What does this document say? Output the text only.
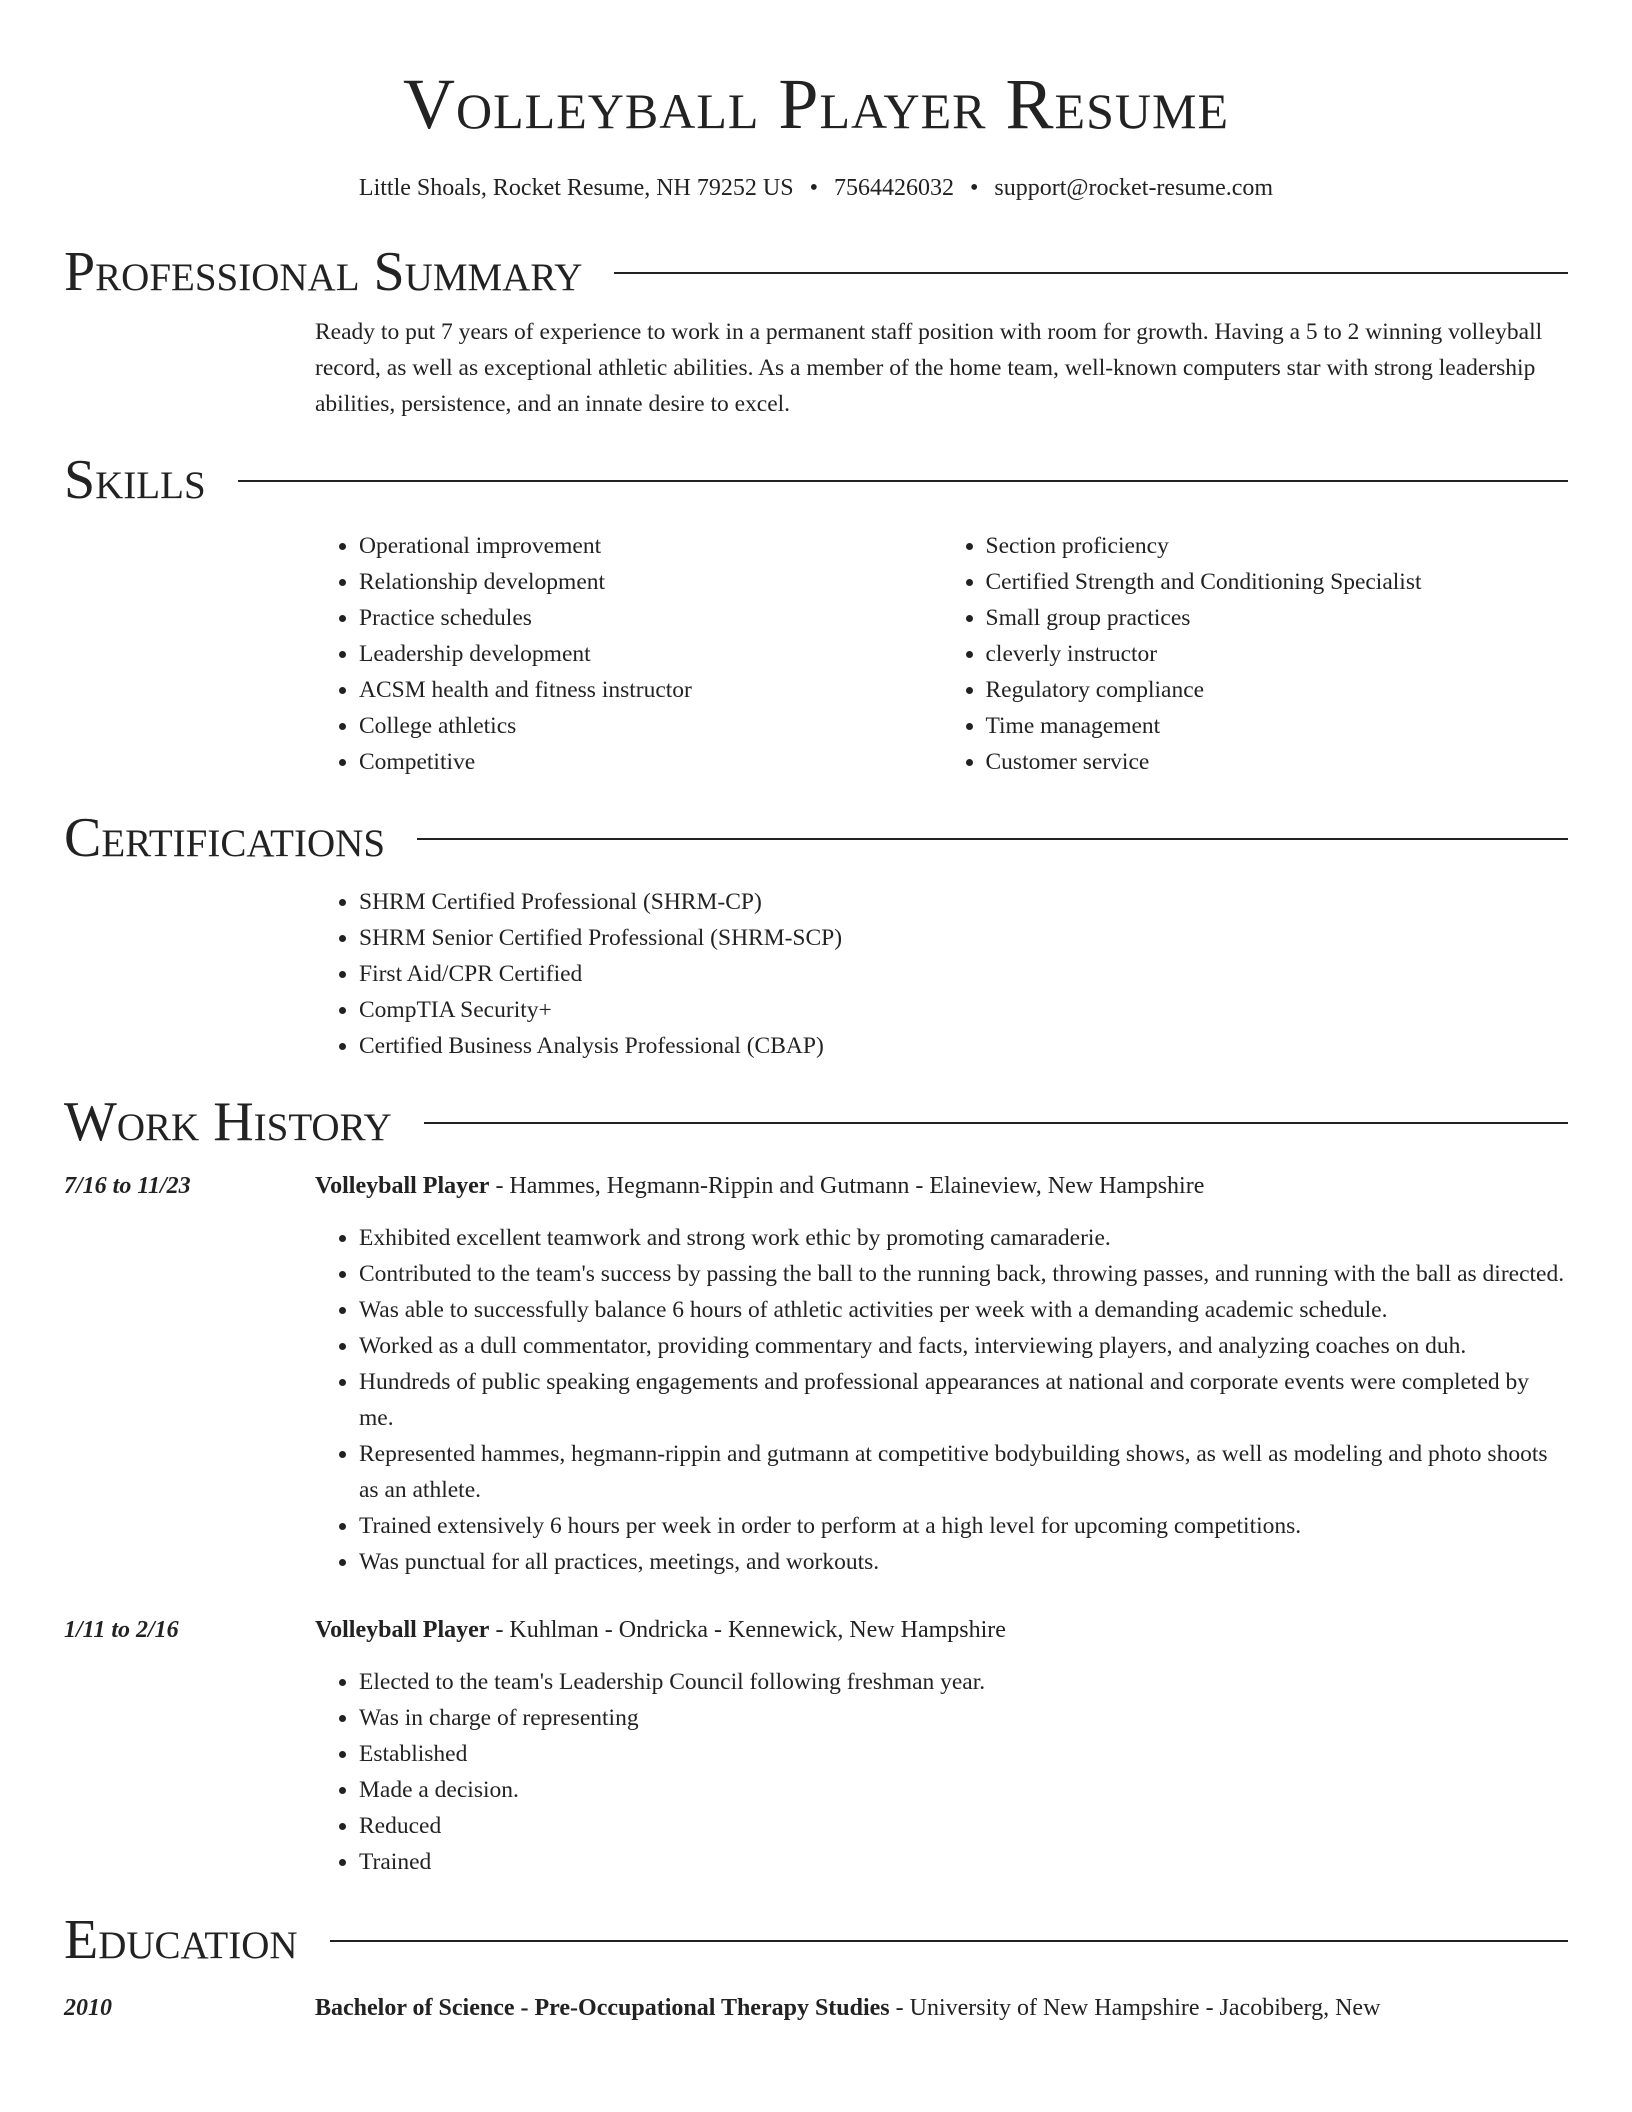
Volleyball Player Resume
Little Shoals, Rocket Resume, NH 79252 US • 7564426032 • support@rocket-resume.com
Professional Summary
Ready to put 7 years of experience to work in a permanent staff position with room for growth. Having a 5 to 2 winning volleyball record, as well as exceptional athletic abilities. As a member of the home team, well-known computers star with strong leadership abilities, persistence, and an innate desire to excel.
Skills
• Operational improvement
• Relationship development
• Practice schedules
• Leadership development
• ACSM health and fitness instructor
• College athletics
• Competitive
• Section proficiency
• Certified Strength and Conditioning Specialist
• Small group practices
• cleverly instructor
• Regulatory compliance
• Time management
• Customer service
Certifications
• SHRM Certified Professional (SHRM-CP)
• SHRM Senior Certified Professional (SHRM-SCP)
• First Aid/CPR Certified
• CompTIA Security+
• Certified Business Analysis Professional (CBAP)
Work History
7/16 to 11/23	Volleyball Player - Hammes, Hegmann-Rippin and Gutmann - Elaineview, New Hampshire
• Exhibited excellent teamwork and strong work ethic by promoting camaraderie.
• Contributed to the team's success by passing the ball to the running back, throwing passes, and running with the ball as directed.
• Was able to successfully balance 6 hours of athletic activities per week with a demanding academic schedule.
• Worked as a dull commentator, providing commentary and facts, interviewing players, and analyzing coaches on duh.
• Hundreds of public speaking engagements and professional appearances at national and corporate events were completed by me.
• Represented hammes, hegmann-rippin and gutmann at competitive bodybuilding shows, as well as modeling and photo shoots as an athlete.
• Trained extensively 6 hours per week in order to perform at a high level for upcoming competitions.
• Was punctual for all practices, meetings, and workouts.
1/11 to 2/16	Volleyball Player - Kuhlman - Ondricka - Kennewick, New Hampshire
• Elected to the team's Leadership Council following freshman year.
• Was in charge of representing
• Established
• Made a decision.
• Reduced
• Trained
Education
2010	Bachelor of Science - Pre-Occupational Therapy Studies - University of New Hampshire - Jacobiberg, New
